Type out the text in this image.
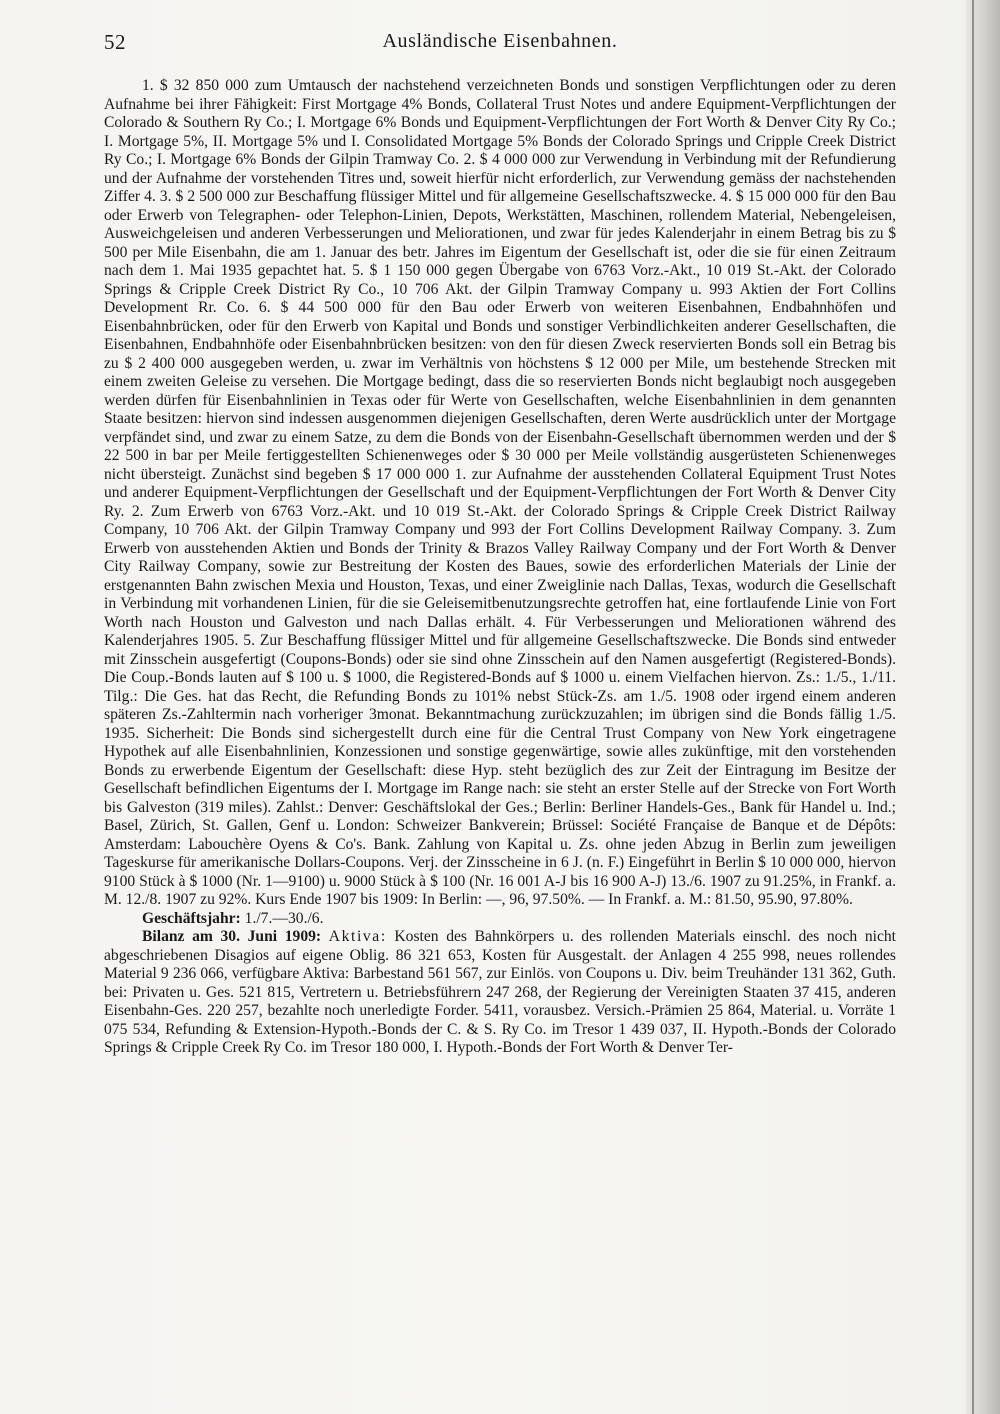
52	Ausländische Eisenbahnen.

1. $ 32 850 000 zum Umtausch der nachstehend verzeichneten Bonds und sonstigen Verpflichtungen oder zu deren Aufnahme bei ihrer Fähigkeit: First Mortgage 4% Bonds, Collateral Trust Notes und andere Equipment-Verpflichtungen der Colorado & Southern Ry Co.; I. Mortgage 6% Bonds und Equipment-Verpflichtungen der Fort Worth & Denver City Ry Co.; I. Mortgage 5%, II. Mortgage 5% und I. Consolidated Mortgage 5% Bonds der Colorado Springs und Cripple Creek District Ry Co.; I. Mortgage 6% Bonds der Gilpin Tramway Co. 2. $ 4 000 000 zur Verwendung in Verbindung mit der Refundierung und der Aufnahme der vorstehenden Titres und, soweit hierfür nicht erforderlich, zur Verwendung gemäss der nachstehenden Ziffer 4. 3. $ 2 500 000 zur Beschaffung flüssiger Mittel und für allgemeine Gesellschaftszwecke. 4. $ 15 000 000 für den Bau oder Erwerb von Telegraphen- oder Telephon-Linien, Depots, Werkstätten, Maschinen, rollendem Material, Nebengeleisen, Ausweichgeleisen und anderen Verbesserungen und Meliorationen, und zwar für jedes Kalenderjahr in einem Betrag bis zu $ 500 per Mile Eisenbahn, die am 1. Januar des betr. Jahres im Eigentum der Gesellschaft ist, oder die sie für einen Zeitraum nach dem 1. Mai 1935 gepachtet hat. 5. $ 1 150 000 gegen Übergabe von 6763 Vorz.-Akt., 10 019 St.-Akt. der Colorado Springs & Cripple Creek District Ry Co., 10 706 Akt. der Gilpin Tramway Company u. 993 Aktien der Fort Collins Development Rr. Co. 6. $ 44 500 000 für den Bau oder Erwerb von weiteren Eisenbahnen, Endbahnhöfen und Eisenbahnbrücken, oder für den Erwerb von Kapital und Bonds und sonstiger Verbindlichkeiten anderer Gesellschaften, die Eisenbahnen, Endbahnhöfe oder Eisenbahnbrücken besitzen: von den für diesen Zweck reservierten Bonds soll ein Betrag bis zu $ 2 400 000 ausgegeben werden, u. zwar im Verhältnis von höchstens $ 12 000 per Mile, um bestehende Strecken mit einem zweiten Geleise zu versehen. Die Mortgage bedingt, dass die so reservierten Bonds nicht beglaubigt noch ausgegeben werden dürfen für Eisenbahnlinien in Texas oder für Werte von Gesellschaften, welche Eisenbahnlinien in dem genannten Staate besitzen: hiervon sind indessen ausgenommen diejenigen Gesellschaften, deren Werte ausdrücklich unter der Mortgage verpfändet sind, und zwar zu einem Satze, zu dem die Bonds von der Eisenbahn-Gesellschaft übernommen werden und der $ 22 500 in bar per Meile fertiggestellten Schienenweges oder $ 30 000 per Meile vollständig ausgerüsteten Schienenweges nicht übersteigt. Zunächst sind begeben $ 17 000 000 1. zur Aufnahme der ausstehenden Collateral Equipment Trust Notes und anderer Equipment-Verpflichtungen der Gesellschaft und der Equipment-Verpflichtungen der Fort Worth & Denver City Ry. 2. Zum Erwerb von 6763 Vorz.-Akt. und 10 019 St.-Akt. der Colorado Springs & Cripple Creek District Railway Company, 10 706 Akt. der Gilpin Tramway Company und 993 der Fort Collins Development Railway Company. 3. Zum Erwerb von ausstehenden Aktien und Bonds der Trinity & Brazos Valley Railway Company und der Fort Worth & Denver City Railway Company, sowie zur Bestreitung der Kosten des Baues, sowie des erforderlichen Materials der Linie der erstgenannten Bahn zwischen Mexia und Houston, Texas, und einer Zweiglinie nach Dallas, Texas, wodurch die Gesellschaft in Verbindung mit vorhandenen Linien, für die sie Geleisemitbenutzungsrechte getroffen hat, eine fortlaufende Linie von Fort Worth nach Houston und Galveston und nach Dallas erhält. 4. Für Verbesserungen und Meliorationen während des Kalenderjahres 1905. 5. Zur Beschaffung flüssiger Mittel und für allgemeine Gesellschaftszwecke. Die Bonds sind entweder mit Zinsschein ausgefertigt (Coupons-Bonds) oder sie sind ohne Zinsschein auf den Namen ausgefertigt (Registered-Bonds). Die Coup.-Bonds lauten auf $ 100 u. $ 1000, die Registered-Bonds auf $ 1000 u. einem Vielfachen hiervon. Zs.: 1./5., 1./11. Tilg.: Die Ges. hat das Recht, die Refunding Bonds zu 101% nebst Stück-Zs. am 1./5. 1908 oder irgend einem anderen späteren Zs.-Zahltermin nach vorheriger 3monat. Bekanntmachung zurückzuzahlen; im übrigen sind die Bonds fällig 1./5. 1935. Sicherheit: Die Bonds sind sichergestellt durch eine für die Central Trust Company von New York eingetragene Hypothek auf alle Eisenbahnlinien, Konzessionen und sonstige gegenwärtige, sowie alles zukünftige, mit den vorstehenden Bonds zu erwerbende Eigentum der Gesellschaft: diese Hyp. steht bezüglich des zur Zeit der Eintragung im Besitze der Gesellschaft befindlichen Eigentums der I. Mortgage im Range nach: sie steht an erster Stelle auf der Strecke von Fort Worth bis Galveston (319 miles). Zahlst.: Denver: Geschäftslokal der Ges.; Berlin: Berliner Handels-Ges., Bank für Handel u. Ind.; Basel, Zürich, St. Gallen, Genf u. London: Schweizer Bankverein; Brüssel: Société Française de Banque et de Dépôts: Amsterdam: Labouchère Oyens & Co's. Bank. Zahlung von Kapital u. Zs. ohne jeden Abzug in Berlin zum jeweiligen Tageskurse für amerikanische Dollars-Coupons. Verj. der Zinsscheine in 6 J. (n. F.) Eingeführt in Berlin $ 10 000 000, hiervon 9100 Stück à $ 1000 (Nr. 1—9100) u. 9000 Stück à $ 100 (Nr. 16 001 A-J bis 16 900 A-J) 13./6. 1907 zu 91.25%, in Frankf. a. M. 12./8. 1907 zu 92%. Kurs Ende 1907 bis 1909: In Berlin: —, 96, 97.50%. — In Frankf. a. M.: 81.50, 95.90, 97.80%.

Geschäftsjahr: 1./7.—30./6.

Bilanz am 30. Juni 1909: Aktiva: Kosten des Bahnkörpers u. des rollenden Materials einschl. des noch nicht abgeschriebenen Disagios auf eigene Oblig. 86 321 653, Kosten für Ausgestalt. der Anlagen 4 255 998, neues rollendes Material 9 236 066, verfügbare Aktiva: Barbestand 561 567, zur Einlös. von Coupons u. Div. beim Treuhänder 131 362, Guth. bei: Privaten u. Ges. 521 815, Vertretern u. Betriebsführern 247 268, der Regierung der Vereinigten Staaten 37 415, anderen Eisenbahn-Ges. 220 257, bezahlte noch unerledigte Forder. 5411, vorausbez. Versich.-Prämien 25 864, Material. u. Vorräte 1 075 534, Refunding & Extension-Hypoth.-Bonds der C. & S. Ry Co. im Tresor 1 439 037, II. Hypoth.-Bonds der Colorado Springs & Cripple Creek Ry Co. im Tresor 180 000, I. Hypoth.-Bonds der Fort Worth & Denver Ter-
